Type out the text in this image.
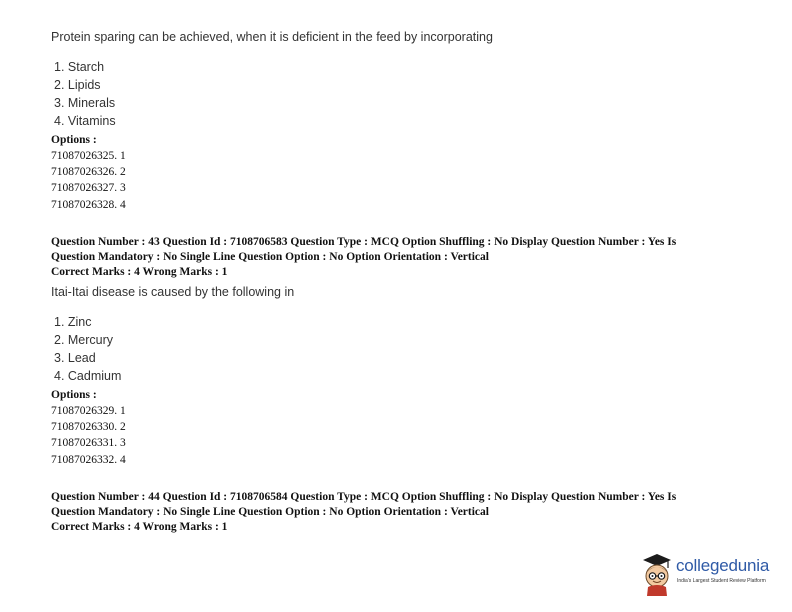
Protein sparing can be achieved, when it is deficient in the feed by incorporating
1. Starch
2. Lipids
3. Minerals
4. Vitamins
Options :
71087026325. 1
71087026326. 2
71087026327. 3
71087026328. 4
Question Number : 43 Question Id : 7108706583 Question Type : MCQ Option Shuffling : No Display Question Number : Yes Is
Question Mandatory : No Single Line Question Option : No Option Orientation : Vertical
Correct Marks : 4 Wrong Marks : 1
Itai-Itai disease is caused by the following in
1. Zinc
2. Mercury
3. Lead
4. Cadmium
Options :
71087026329. 1
71087026330. 2
71087026331. 3
71087026332. 4
Question Number : 44 Question Id : 7108706584 Question Type : MCQ Option Shuffling : No Display Question Number : Yes Is
Question Mandatory : No Single Line Question Option : No Option Orientation : Vertical
Correct Marks : 4 Wrong Marks : 1
collegedunia
India's Largest Student Review Platform
